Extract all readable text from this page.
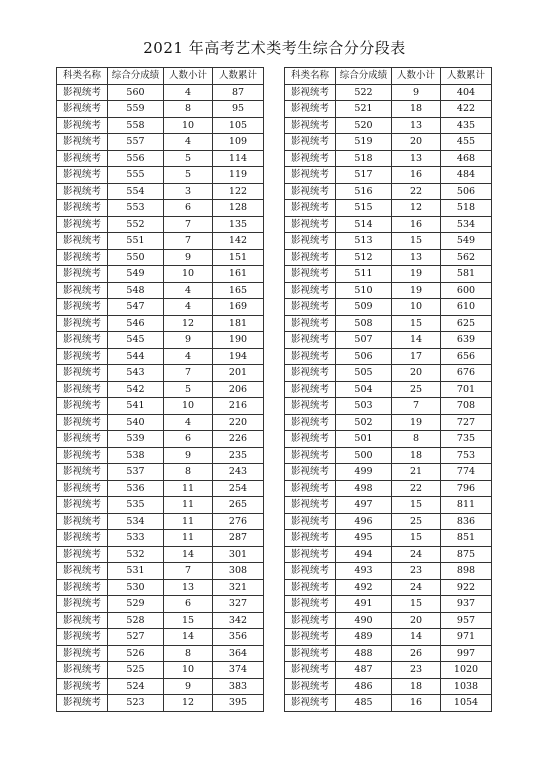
2021 年高考艺术类考生综合分分段表
科类名称	综合分成绩	人数小计	人数累计
影视统考	560	4	87
影视统考	559	8	95
影视统考	558	10	105
影视统考	557	4	109
影视统考	556	5	114
影视统考	555	5	119
影视统考	554	3	122
影视统考	553	6	128
影视统考	552	7	135
影视统考	551	7	142
影视统考	550	9	151
影视统考	549	10	161
影视统考	548	4	165
影视统考	547	4	169
影视统考	546	12	181
影视统考	545	9	190
影视统考	544	4	194
影视统考	543	7	201
影视统考	542	5	206
影视统考	541	10	216
影视统考	540	4	220
影视统考	539	6	226
影视统考	538	9	235
影视统考	537	8	243
影视统考	536	11	254
影视统考	535	11	265
影视统考	534	11	276
影视统考	533	11	287
影视统考	532	14	301
影视统考	531	7	308
影视统考	530	13	321
影视统考	529	6	327
影视统考	528	15	342
影视统考	527	14	356
影视统考	526	8	364
影视统考	525	10	374
影视统考	524	9	383
影视统考	523	12	395
科类名称	综合分成绩	人数小计	人数累计
影视统考	522	9	404
影视统考	521	18	422
影视统考	520	13	435
影视统考	519	20	455
影视统考	518	13	468
影视统考	517	16	484
影视统考	516	22	506
影视统考	515	12	518
影视统考	514	16	534
影视统考	513	15	549
影视统考	512	13	562
影视统考	511	19	581
影视统考	510	19	600
影视统考	509	10	610
影视统考	508	15	625
影视统考	507	14	639
影视统考	506	17	656
影视统考	505	20	676
影视统考	504	25	701
影视统考	503	7	708
影视统考	502	19	727
影视统考	501	8	735
影视统考	500	18	753
影视统考	499	21	774
影视统考	498	22	796
影视统考	497	15	811
影视统考	496	25	836
影视统考	495	15	851
影视统考	494	24	875
影视统考	493	23	898
影视统考	492	24	922
影视统考	491	15	937
影视统考	490	20	957
影视统考	489	14	971
影视统考	488	26	997
影视统考	487	23	1020
影视统考	486	18	1038
影视统考	485	16	1054
